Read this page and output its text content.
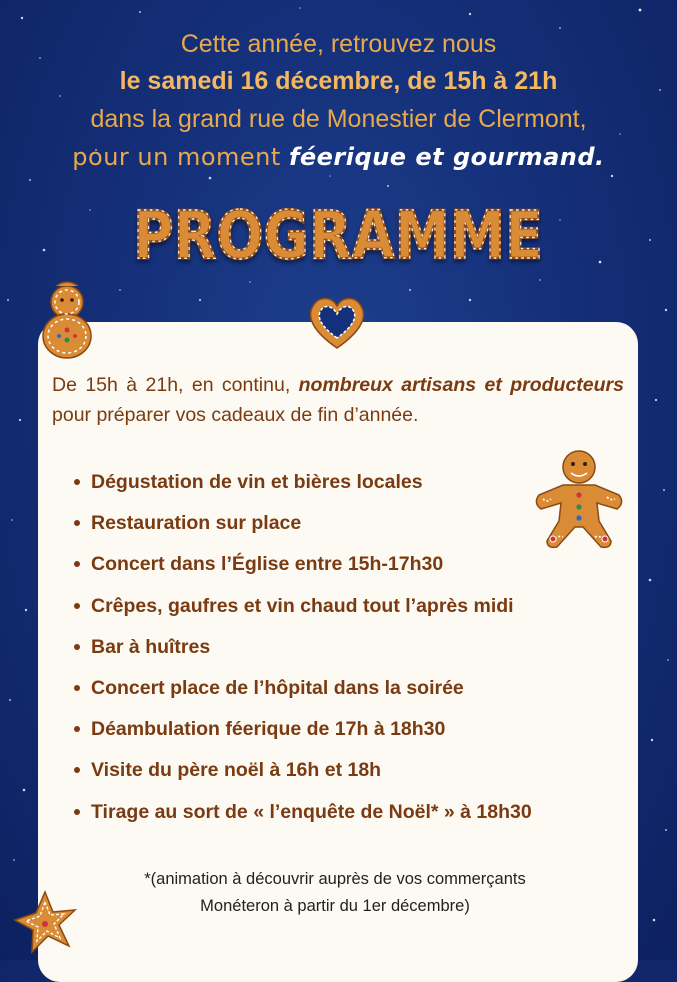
Cette année, retrouvez nous
le samedi 16 décembre, de 15h à 21h
dans la grand rue de Monestier de Clermont,
pour un moment féerique et gourmand.
PROGRAMME
PROGRAMME
De 15h à 21h, en continu, nombreux artisans et producteurs pour préparer vos cadeaux de fin d’année.
Dégustation de vin et bières locales
Restauration sur place
Concert dans l’Église entre 15h-17h30
Crêpes, gaufres et vin chaud tout l’après midi
Bar à huîtres
Concert place de l’hôpital dans la soirée
Déambulation féerique de 17h à 18h30
Visite du père noël à 16h et 18h
Tirage au sort de « l’enquête de Noël* » à 18h30
*(animation à découvrir auprès de vos commerçants
Monéteron à partir du 1er décembre)
